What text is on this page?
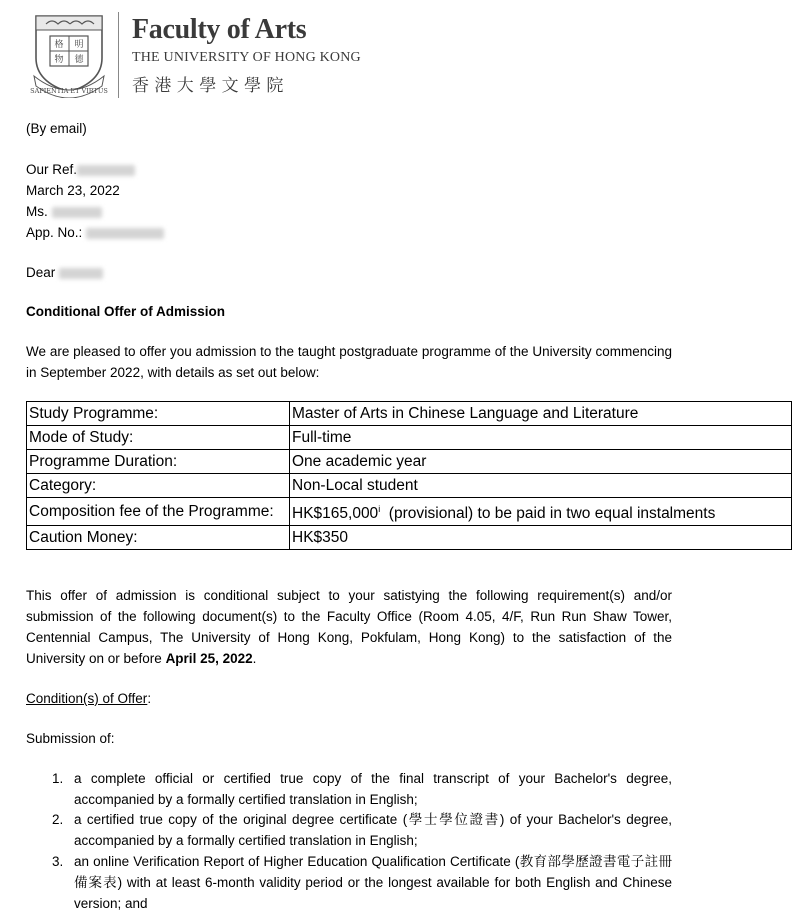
格 明
物 德
SAPIENTIA ET VIRTUS
Faculty of Arts
THE UNIVERSITY OF HONG KONG
香 港 大 學 文 學 院
(By email)
Our Ref.
March 23, 2022
Ms.
App. No.:
Dear
Conditional Offer of Admission
We are pleased to offer you admission to the taught postgraduate programme of the University commencing in September 2022, with details as set out below:
Study Programme:	Master of Arts in Chinese Language and Literature
Mode of Study:	Full-time
Programme Duration:	One academic year
Category:	Non-Local student
Composition fee of the Programme:	HK$165,000$^i$  (provisional) to be paid in two equal instalments
Caution Money:	HK$350
This offer of admission is conditional subject to your satistying the following requirement(s) and/or submission of the following document(s) to the Faculty Office (Room 4.05, 4/F, Run Run Shaw Tower, Centennial Campus, The University of Hong Kong, Pokfulam, Hong Kong) to the satisfaction of the University on or before April 25, 2022.
Condition(s) of Offer:
Submission of:
1. a complete official or certified true copy of the final transcript of your Bachelor's degree, accompanied by a formally certified translation in English;
2. a certified true copy of the original degree certificate (學士學位證書) of your Bachelor's degree, accompanied by a formally certified translation in English;
3. an online Verification Report of Higher Education Qualification Certificate (教育部學歷證書電子註冊備案表) with at least 6-month validity period or the longest available for both English and Chinese version; and
